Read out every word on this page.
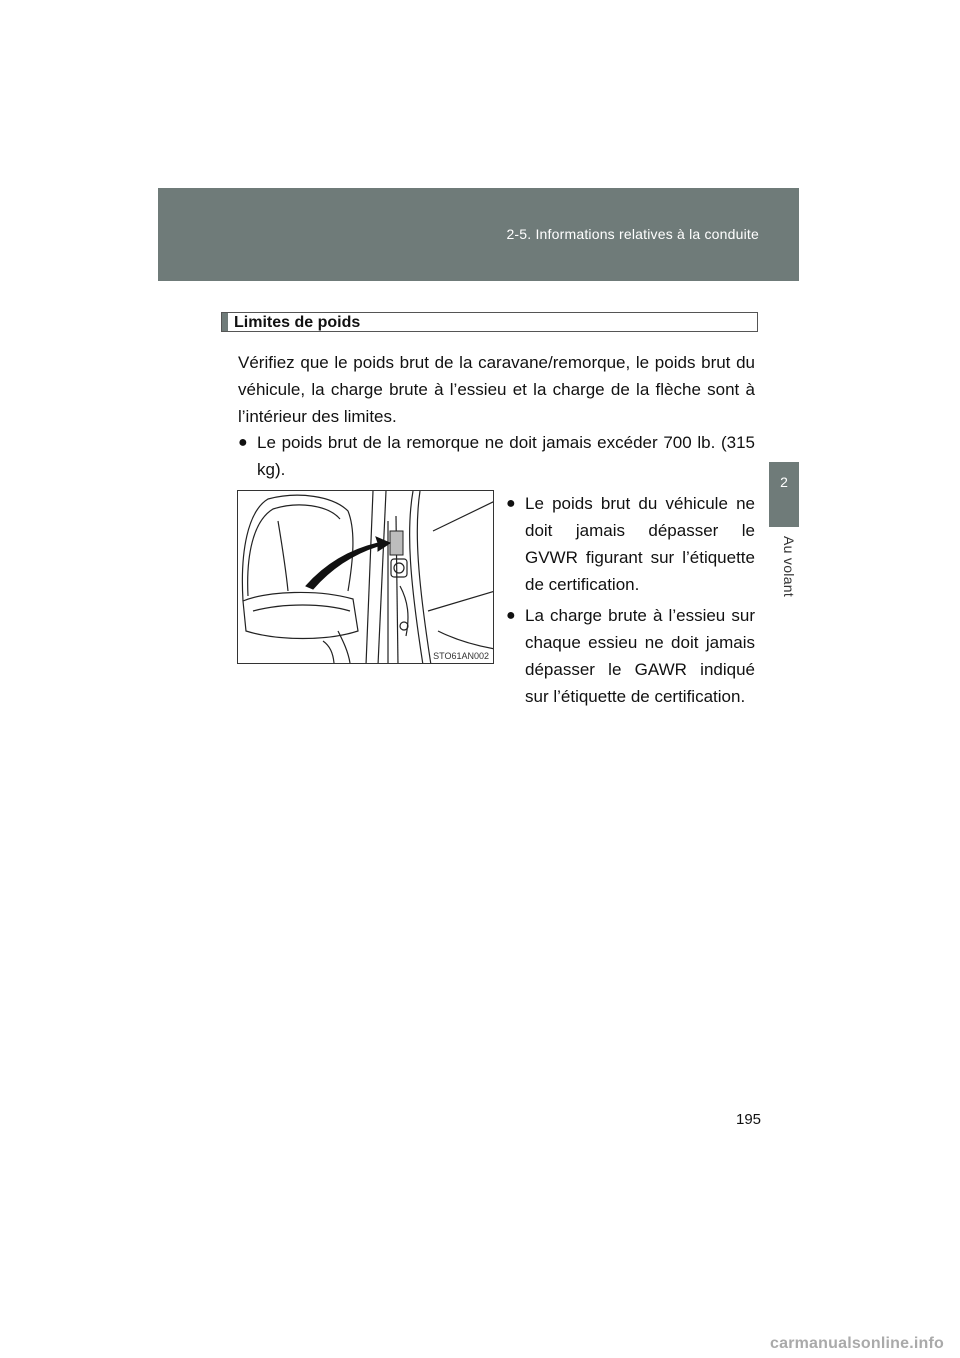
2-5. Informations relatives à la conduite
2
Au volant
Limites de poids
Vérifiez que le poids brut de la caravane/remorque, le poids brut du véhicule, la charge brute à l’essieu et la charge de la flèche sont à l’intérieur des limites.
● Le poids brut de la remorque ne doit jamais excéder 700 lb. (315 kg).
STO61AN002
● Le poids brut du véhicule ne doit jamais dépasser le GVWR figurant sur l’étiquette de certification.
● La charge brute à l’essieu sur chaque essieu ne doit jamais dépasser le GAWR indiqué sur l’étiquette de certification.
195
carmanualsonline.info
